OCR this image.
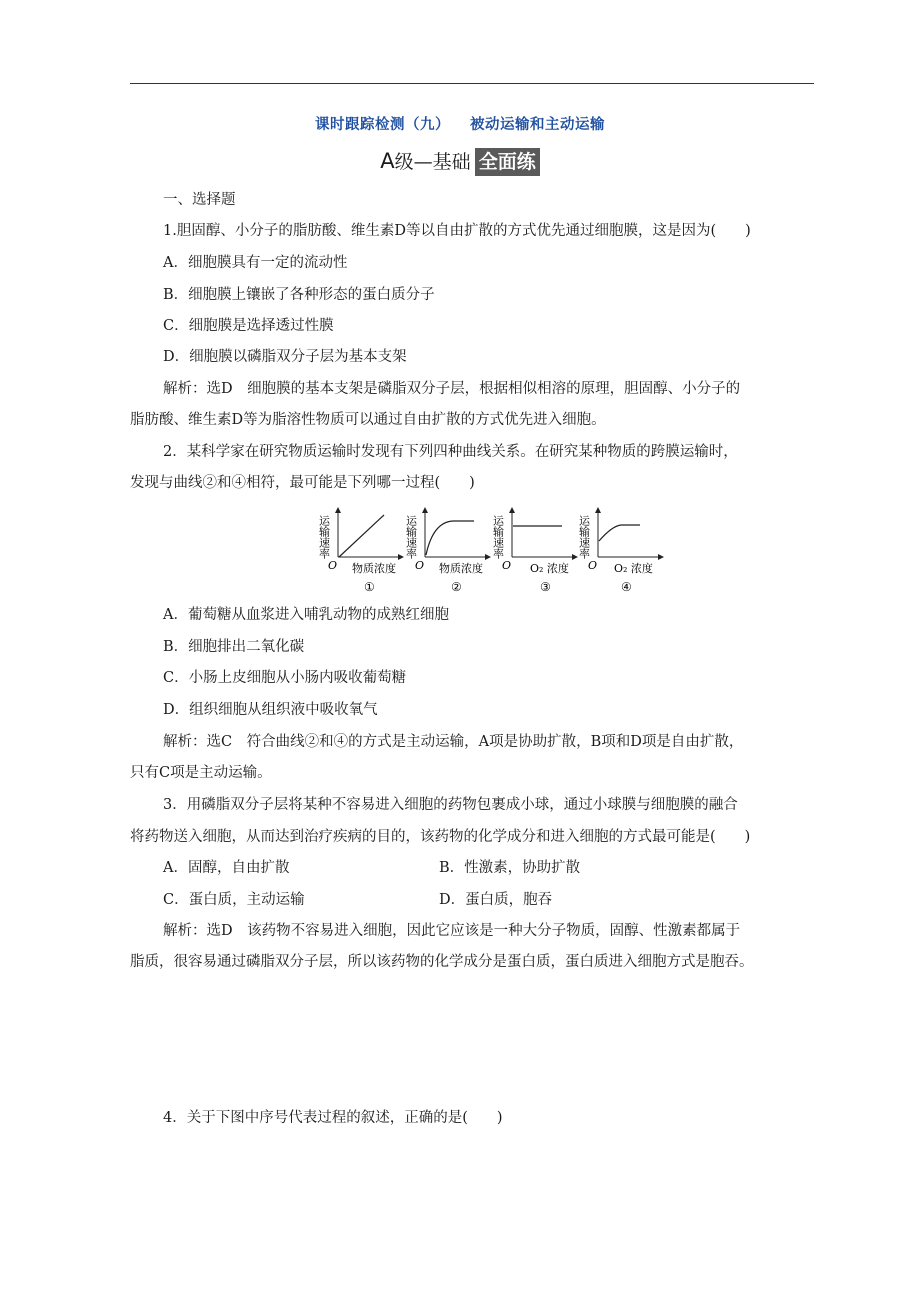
课时跟踪检测（九） 被动运输和主动运输
A级—基础 全面练
一、选择题
1.胆固醇、小分子的脂肪酸、维生素D等以自由扩散的方式优先通过细胞膜，这是因为(　　)
A．细胞膜具有一定的流动性
B．细胞膜上镶嵌了各种形态的蛋白质分子
C．细胞膜是选择透过性膜
D．细胞膜以磷脂双分子层为基本支架
解析：选D　细胞膜的基本支架是磷脂双分子层，根据相似相溶的原理，胆固醇、小分子的
脂肪酸、维生素D等为脂溶性物质可以通过自由扩散的方式优先进入细胞。
2．某科学家在研究物质运输时发现有下列四种曲线关系。在研究某种物质的跨膜运输时，
发现与曲线②和④相符，最可能是下列哪一过程(　　)
运输速率
O 物质浓度
①
运输速率
O 物质浓度
②
运输速率
O O₂ 浓度
③
运输速率
O O₂ 浓度
④
A．葡萄糖从血浆进入哺乳动物的成熟红细胞
B．细胞排出二氧化碳
C．小肠上皮细胞从小肠内吸收葡萄糖
D．组织细胞从组织液中吸收氧气
解析：选C　符合曲线②和④的方式是主动运输，A项是协助扩散，B项和D项是自由扩散，
只有C项是主动运输。
3．用磷脂双分子层将某种不容易进入细胞的药物包裹成小球，通过小球膜与细胞膜的融合
将药物送入细胞，从而达到治疗疾病的目的，该药物的化学成分和进入细胞的方式最可能是(　　)
A．固醇，自由扩散	B．性激素，协助扩散
C．蛋白质，主动运输	D．蛋白质，胞吞
解析：选D　该药物不容易进入细胞，因此它应该是一种大分子物质，固醇、性激素都属于
脂质，很容易通过磷脂双分子层，所以该药物的化学成分是蛋白质，蛋白质进入细胞方式是胞吞。
4．关于下图中序号代表过程的叙述，正确的是(　　)
